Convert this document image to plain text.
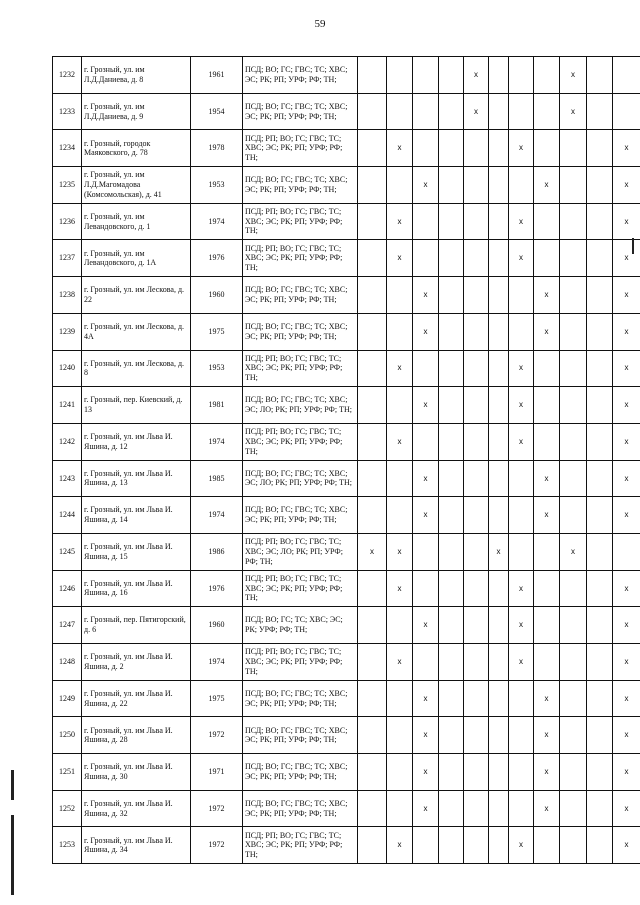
59
1232	г. Грозный, ул. им Л.Д.Даниева, д. 8	1961	ПСД; ВО; ГС; ГВС; ТС; ХВС; ЭС; РК; РП; УРФ; РФ; ТН;					x				x		
1233	г. Грозный, ул. им Л.Д.Даниева, д. 9	1954	ПСД; ВО; ГС; ГВС; ТС; ХВС; ЭС; РК; РП; УРФ; РФ; ТН;					x				x		
1234	г. Грозный, городок Маяковского, д. 78	1978	ПСД; РП; ВО; ГС; ГВС; ТС; ХВС; ЭС; РК; РП; УРФ; РФ; ТН;		x					x				x
1235	г. Грозный, ул. им Л.Д.Магомадова (Комсомольская), д. 41	1953	ПСД; ВО; ГС; ГВС; ТС; ХВС; ЭС; РК; РП; УРФ; РФ; ТН;			x					x			x
1236	г. Грозный, ул. им Левандовского, д. 1	1974	ПСД; РП; ВО; ГС; ГВС; ТС; ХВС; ЭС; РК; РП; УРФ; РФ; ТН;		x					x				x
1237	г. Грозный, ул. им Левандовского, д. 1А	1976	ПСД; РП; ВО; ГС; ГВС; ТС; ХВС; ЭС; РК; РП; УРФ; РФ; ТН;		x					x				x
1238	г. Грозный, ул. им Лескова, д. 22	1960	ПСД; ВО; ГС; ГВС; ТС; ХВС; ЭС; РК; РП; УРФ; РФ; ТН;			x					x			x
1239	г. Грозный, ул. им Лескова, д. 4А	1975	ПСД; ВО; ГС; ГВС; ТС; ХВС; ЭС; РК; РП; УРФ; РФ; ТН;			x					x			x
1240	г. Грозный, ул. им Лескова, д. 8	1953	ПСД; РП; ВО; ГС; ГВС; ТС; ХВС; ЭС; РК; РП; УРФ; РФ; ТН;		x					x				x
1241	г. Грозный, пер. Киевский, д. 13	1981	ПСД; ВО; ГС; ГВС; ТС; ХВС; ЭС; ЛО; РК; РП; УРФ; РФ; ТН;			x				x				x
1242	г. Грозный, ул. им Льва И. Яшина, д. 12	1974	ПСД; РП; ВО; ГС; ГВС; ТС; ХВС; ЭС; РК; РП; УРФ; РФ; ТН;		x					x				x
1243	г. Грозный, ул. им Льва И. Яшина, д. 13	1985	ПСД; ВО; ГС; ГВС; ТС; ХВС; ЭС; ЛО; РК; РП; УРФ; РФ; ТН;			x					x			x
1244	г. Грозный, ул. им Льва И. Яшина, д. 14	1974	ПСД; ВО; ГС; ГВС; ТС; ХВС; ЭС; РК; РП; УРФ; РФ; ТН;			x					x			x
1245	г. Грозный, ул. им Льва И. Яшина, д. 15	1986	ПСД; РП; ВО; ГС; ГВС; ТС; ХВС; ЭС; ЛО; РК; РП; УРФ; РФ; ТН;	x	x				x			x		
1246	г. Грозный, ул. им Льва И. Яшина, д. 16	1976	ПСД; РП; ВО; ГС; ГВС; ТС; ХВС; ЭС; РК; РП; УРФ; РФ; ТН;		x					x				x
1247	г. Грозный, пер. Пятигорский, д. 6	1960	ПСД; ВО; ГС; ТС; ХВС; ЭС; РК; УРФ; РФ; ТН;			x				x				x
1248	г. Грозный, ул. им Льва И. Яшина, д. 2	1974	ПСД; РП; ВО; ГС; ГВС; ТС; ХВС; ЭС; РК; РП; УРФ; РФ; ТН;		x					x				x
1249	г. Грозный, ул. им Льва И. Яшина, д. 22	1975	ПСД; ВО; ГС; ГВС; ТС; ХВС; ЭС; РК; РП; УРФ; РФ; ТН;			x					x			x
1250	г. Грозный, ул. им Льва И. Яшина, д. 28	1972	ПСД; ВО; ГС; ГВС; ТС; ХВС; ЭС; РК; РП; УРФ; РФ; ТН;			x					x			x
1251	г. Грозный, ул. им Льва И. Яшина, д. 30	1971	ПСД; ВО; ГС; ГВС; ТС; ХВС; ЭС; РК; РП; УРФ; РФ; ТН;			x					x			x
1252	г. Грозный, ул. им Льва И. Яшина, д. 32	1972	ПСД; ВО; ГС; ГВС; ТС; ХВС; ЭС; РК; РП; УРФ; РФ; ТН;			x					x			x
1253	г. Грозный, ул. им Льва И. Яшина, д. 34	1972	ПСД; РП; ВО; ГС; ГВС; ТС; ХВС; ЭС; РК; РП; УРФ; РФ; ТН;		x					x				x
